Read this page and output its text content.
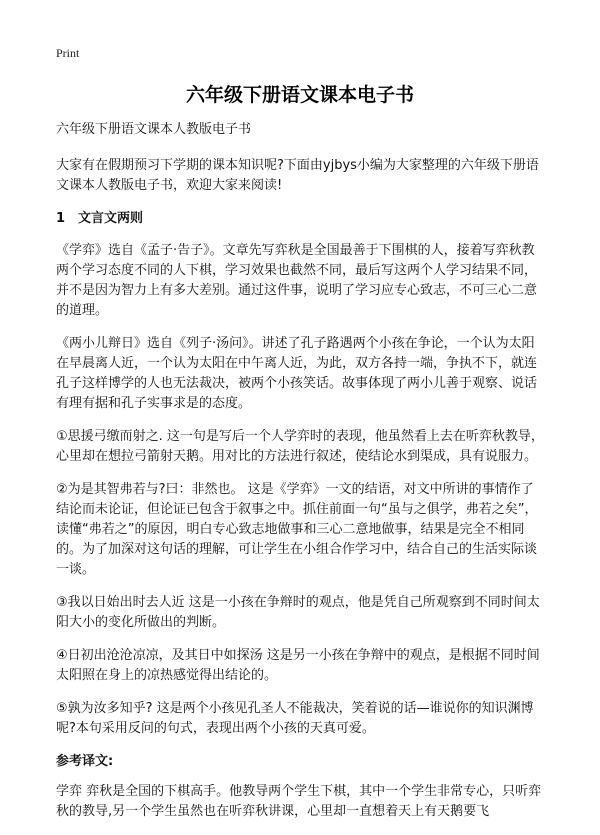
Print
六年级下册语文课本电子书

六年级下册语文课本人教版电子书

大家有在假期预习下学期的课本知识呢?下面由yjbys小编为大家整理的六年级下册语文课本人教版电子书，欢迎大家来阅读!

1 文言文两则

《学弈》选自《孟子·告子》。文章先写弈秋是全国最善于下围棋的人，接着写弈秋教两个学习态度不同的人下棋，学习效果也截然不同，最后写这两个人学习结果不同，并不是因为智力上有多大差别。通过这件事，说明了学习应专心致志，不可三心二意的道理。

《两小儿辩日》选自《列子·汤问》。讲述了孔子路遇两个小孩在争论，一个认为太阳在早晨离人近，一个认为太阳在中午离人近，为此，双方各持一端，争执不下，就连孔子这样博学的人也无法裁决，被两个小孩笑话。故事体现了两小儿善于观察、说话有理有据和孔子实事求是的态度。

①思援弓缴而射之. 这一句是写后一个人学弈时的表现，他虽然看上去在听弈秋教导，心里却在想拉弓箭射天鹅。用对比的方法进行叙述，使结论水到渠成，具有说服力。

②为是其智弗若与?曰：非然也。 这是《学弈》一文的结语，对文中所讲的事情作了结论而未论证，但论证已包含于叙事之中。抓住前面一句“虽与之俱学，弗若之矣”，读懂“弗若之”的原因，明白专心致志地做事和三心二意地做事，结果是完全不相同的。为了加深对这句话的理解，可让学生在小组合作学习中，结合自己的生活实际谈一谈。

③我以日始出时去人近 这是一小孩在争辩时的观点，他是凭自己所观察到不同时间太阳大小的变化所做出的判断。

④日初出沧沧凉凉，及其日中如探汤 这是另一小孩在争辩中的观点，是根据不同时间太阳照在身上的凉热感觉得出结论的。

⑤孰为汝多知乎? 这是两个小孩见孔圣人不能裁决，笑着说的话—谁说你的知识渊博呢?本句采用反问的句式，表现出两个小孩的天真可爱。

参考译文:

学弈 弈秋是全国的下棋高手。他教导两个学生下棋，其中一个学生非常专心，只听弈秋的教导,另一个学生虽然也在听弈秋讲课，心里却一直想着天上有天鹅要飞
